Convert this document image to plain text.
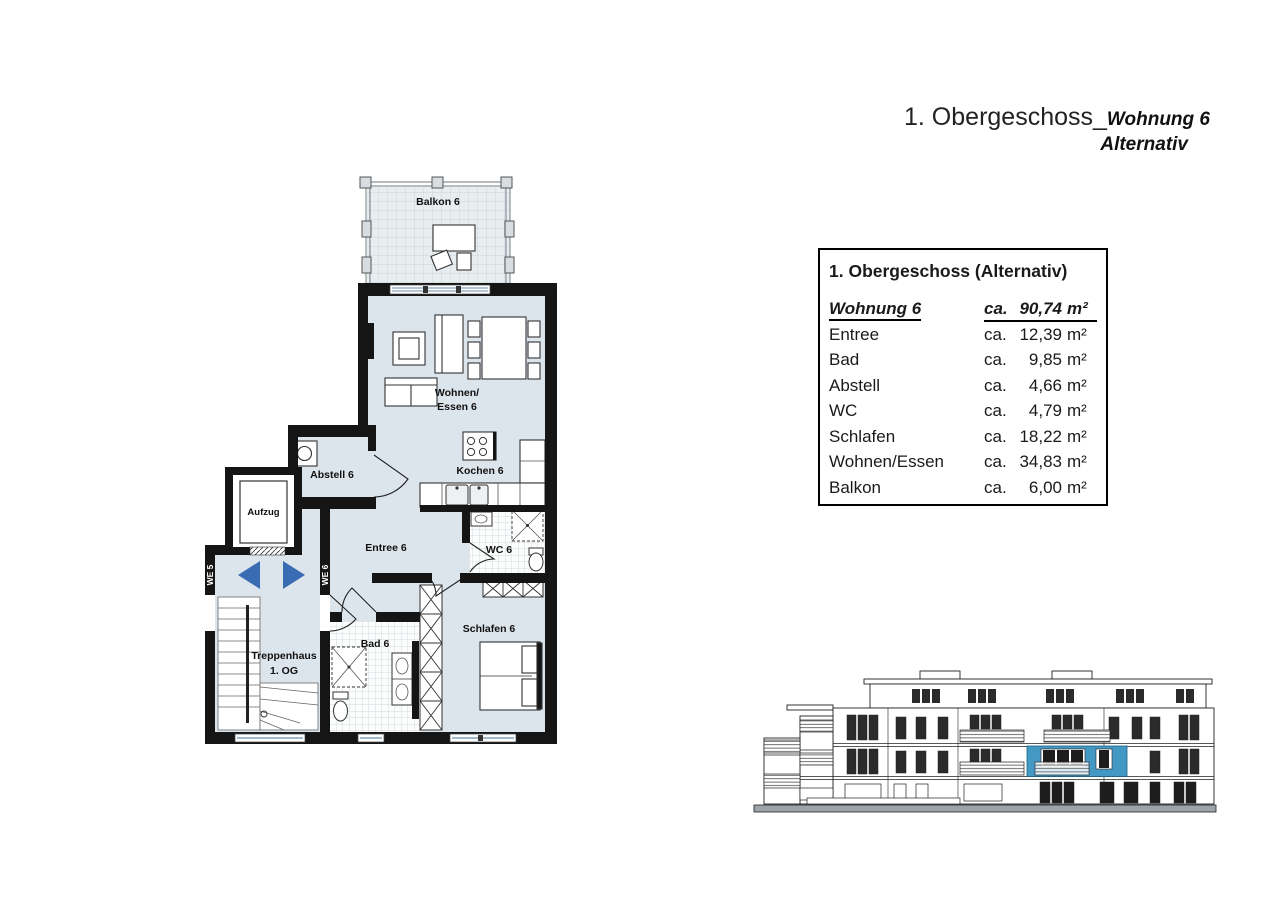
1. Obergeschoss_Wohnung 6
Alternativ
1. Obergeschoss (Alternativ)
Wohnung 6	ca. 90,74 m²
Entree	ca. 12,39 m²
Bad	ca.	9,85 m²
Abstell	ca.	4,66 m²
WC	ca.	4,79 m²
Schlafen	ca. 18,22 m²
Wohnen/Essen	ca. 34,83 m²
Balkon	ca.	6,00 m²
Balkon 6
Kochen 6
Abstell 6
WC 6
Bad 6
Schlafen 6
Treppenhaus
1. OG
Aufzug
WE 5	WE 6
Wohnen/
Essen 6
Entree 6
